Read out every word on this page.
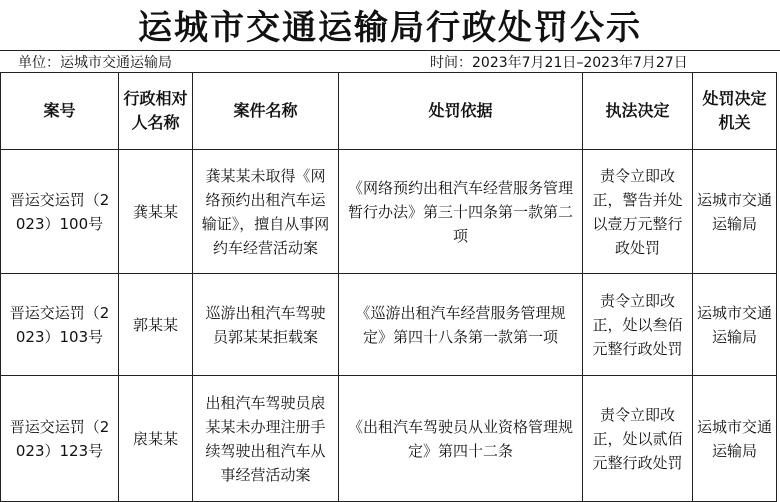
运城市交通运输局行政处罚公示
单位：运城市交通运输局	时间：2023年7月21日–2023年7月27日
案号	行政相对人名称	案件名称	处罚依据	执法决定	处罚决定机关
晋运交运罚（2023）100号	龚某某	龚某某未取得《网络预约出租汽车运输证》，擅自从事网约车经营活动案	《网络预约出租汽车经营服务管理暂行办法》第三十四条第一款第二项	责令立即改正，警告并处以壹万元整行政处罚	运城市交通运输局
晋运交运罚（2023）103号	郭某某	巡游出租汽车驾驶员郭某某拒载案	《巡游出租汽车经营服务管理规定》第四十八条第一款第一项	责令立即改正，处以叁佰元整行政处罚	运城市交通运输局
晋运交运罚（2023）123号	扆某某	出租汽车驾驶员扆某某未办理注册手续驾驶出租汽车从事经营活动案	《出租汽车驾驶员从业资格管理规定》第四十二条	责令立即改正，处以贰佰元整行政处罚	运城市交通运输局
